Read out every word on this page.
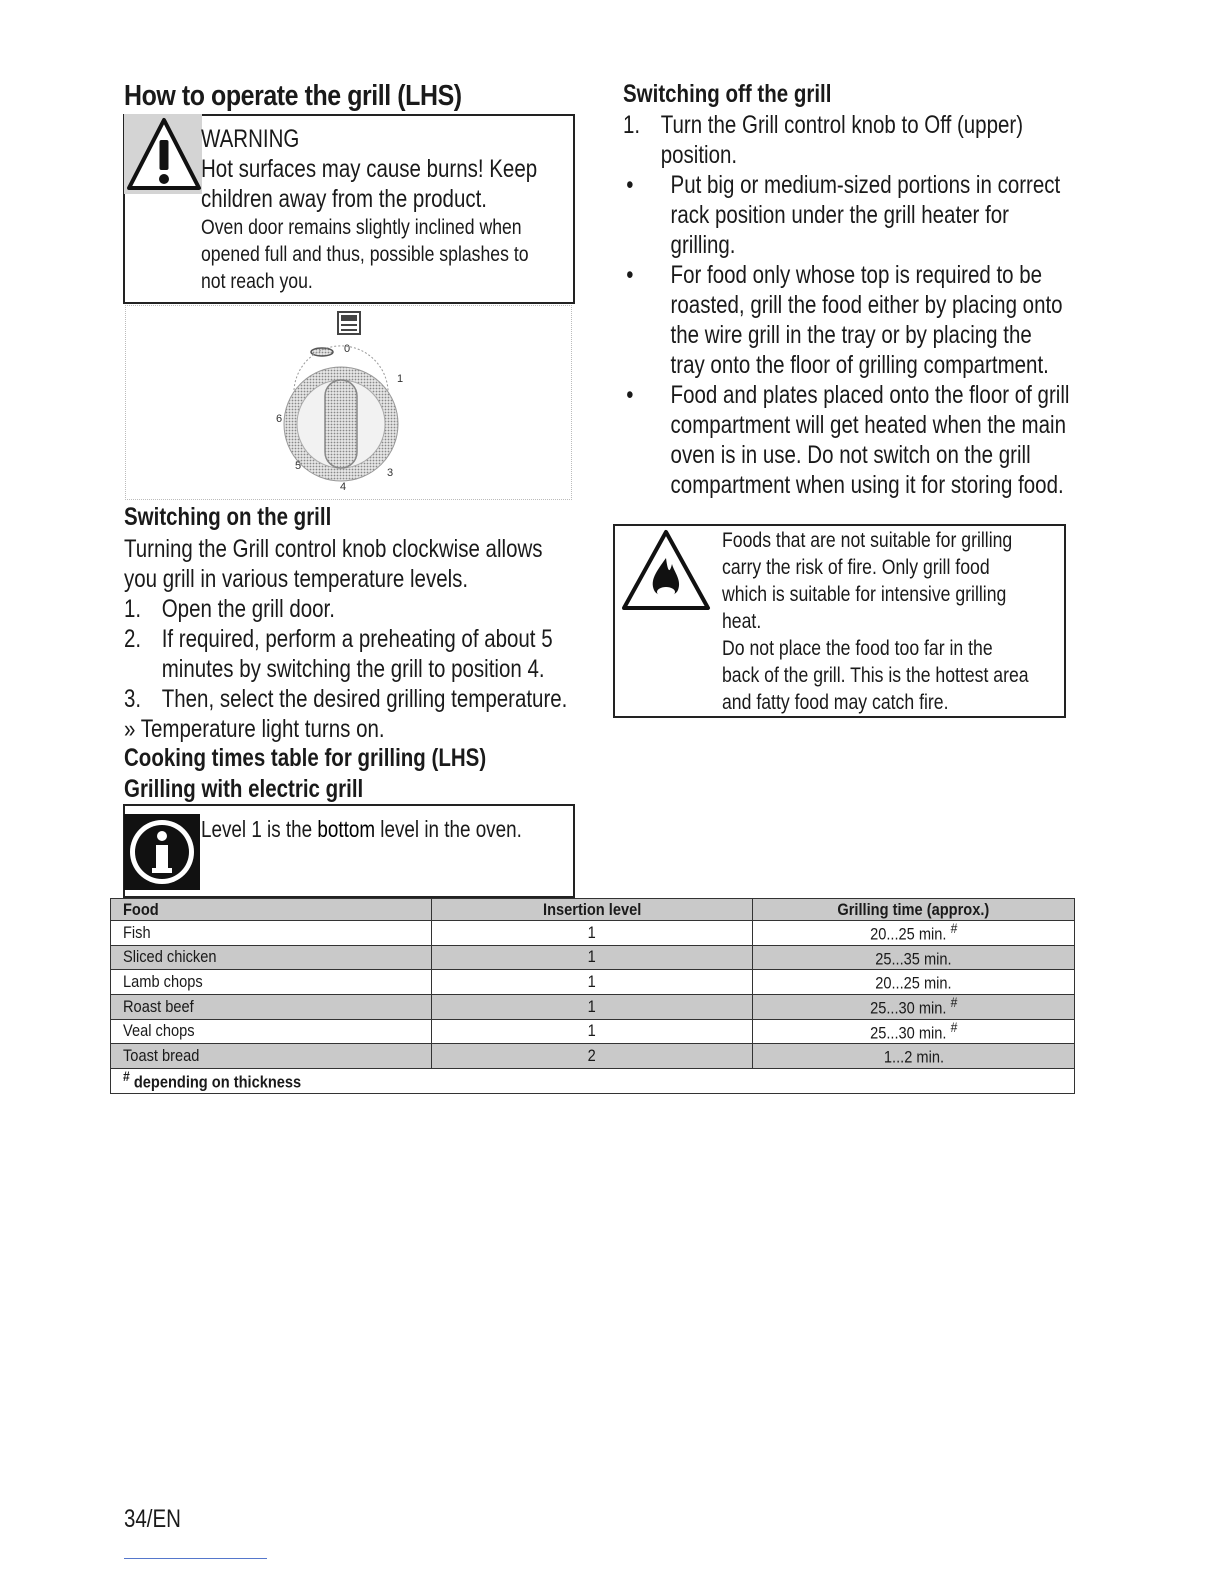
How to operate the grill (LHS)
WARNING
Hot surfaces may cause burns! Keep
children away from the product.
Oven door remains slightly inclined when
opened full and thus, possible splashes to
not reach you.
0
1
3
4
5
6
Switching on the grill
Turning the Grill control knob clockwise allows
you grill in various temperature levels.
1. Open the grill door.
2. If required, perform a preheating of about 5
minutes by switching the grill to position 4.
3. Then, select the desired grilling temperature.
» Temperature light turns on.
Cooking times table for grilling (LHS)
Grilling with electric grill
Level 1 is the bottom level in the oven.
Switching off the grill
1. Turn the Grill control knob to Off (upper)
position.
• Put big or medium-sized portions in correct
rack position under the grill heater for
grilling.
• For food only whose top is required to be
roasted, grill the food either by placing onto
the wire grill in the tray or by placing the
tray onto the floor of grilling compartment.
• Food and plates placed onto the floor of grill
compartment will get heated when the main
oven is in use. Do not switch on the grill
compartment when using it for storing food.
Foods that are not suitable for grilling
carry the risk of fire. Only grill food
which is suitable for intensive grilling
heat.
Do not place the food too far in the
back of the grill. This is the hottest area
and fatty food may catch fire.
Food	Insertion level	Grilling time (approx.)
Fish	1	20...25 min. #
Sliced chicken	1	25...35 min.
Lamb chops	1	20...25 min.
Roast beef	1	25...30 min. #
Veal chops	1	25...30 min. #
Toast bread	2	1...2 min.
# depending on thickness		
34/EN
